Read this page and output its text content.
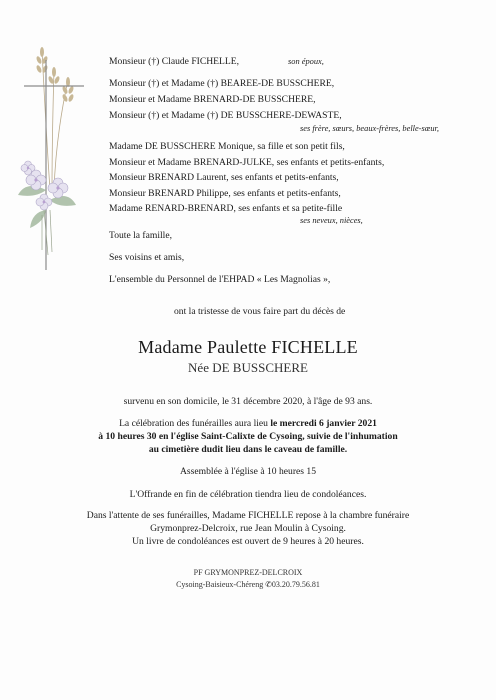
Monsieur (†) Claude FICHELLE,	son époux,
Monsieur (†) et Madame (†) BEAREE-DE BUSSCHERE,
Monsieur et Madame BRENARD-DE BUSSCHERE,
Monsieur (†) et Madame (†) DE BUSSCHERE-DEWASTE,
ses frère, sœurs, beaux-frères, belle-sœur,
Madame DE BUSSCHERE Monique, sa fille et son petit fils,
Monsieur et Madame BRENARD-JULKE, ses enfants et petits-enfants,
Monsieur BRENARD Laurent, ses enfants et petits-enfants,
Monsieur BRENARD Philippe, ses enfants et petits-enfants,
Madame RENARD-BRENARD, ses enfants et sa petite-fille
ses neveux, nièces,
Toute la famille,
Ses voisins et amis,
L'ensemble du Personnel de l'EHPAD « Les Magnolias »,
ont la tristesse de vous faire part du décès de
Madame Paulette FICHELLE
Née DE BUSSCHERE
survenu en son domicile, le 31 décembre 2020, à l'âge de 93 ans.
La célébration des funérailles aura lieu le mercredi 6 janvier 2021
à 10 heures 30 en l'église Saint-Calixte de Cysoing, suivie de l'inhumation
au cimetière dudit lieu dans le caveau de famille.
Assemblée à l'église à 10 heures 15
L'Offrande en fin de célébration tiendra lieu de condoléances.
Dans l'attente de ses funérailles, Madame FICHELLE repose à la chambre funéraire
Grymonprez-Delcroix, rue Jean Moulin à Cysoing.
Un livre de condoléances est ouvert de 9 heures à 20 heures.
PF GRYMONPREZ-DELCROIX
Cysoing-Baisieux-Chéreng ✆03.20.79.56.81
